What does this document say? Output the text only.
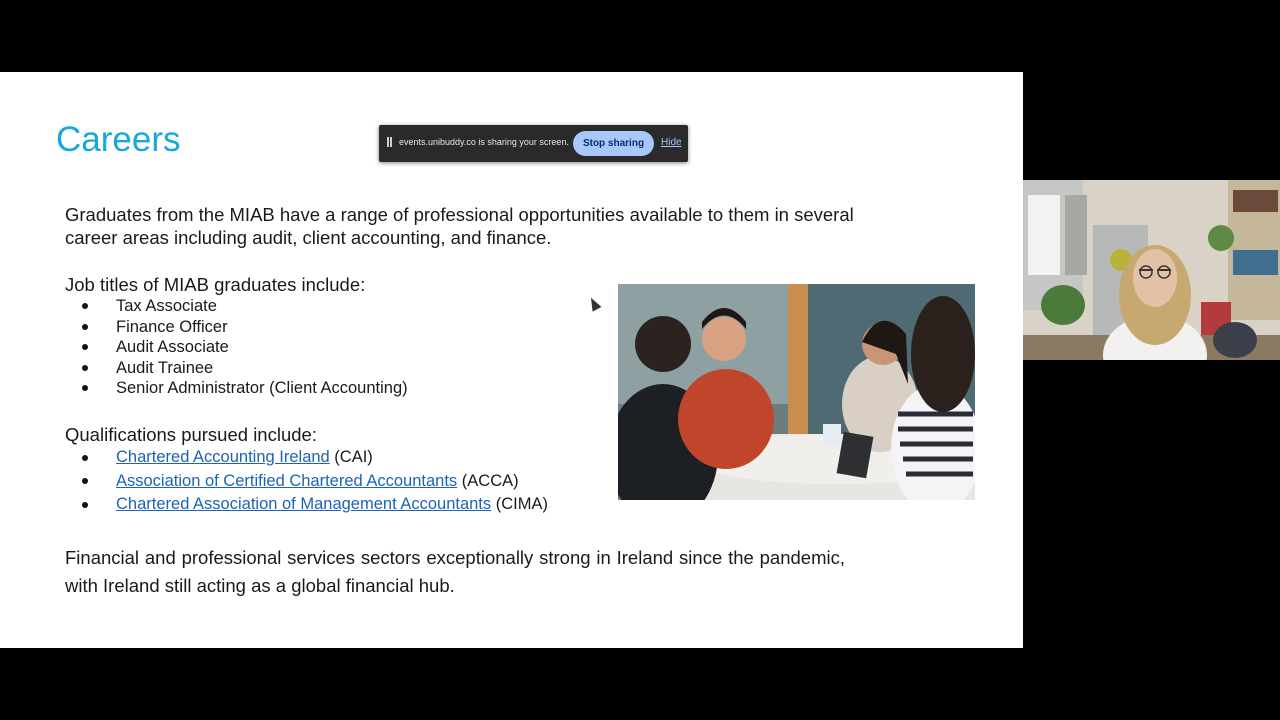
Careers	events.unibuddy.co is sharing your screen.	Stop sharing	Hide
Graduates from the MIAB have a range of professional opportunities available to them in several career areas including audit, client accounting, and finance.
Job titles of MIAB graduates include:
Tax Associate
Finance Officer
Audit Associate
Audit Trainee
Senior Administrator (Client Accounting)
Qualifications pursued include:
Chartered Accounting Ireland (CAI)
Association of Certified Chartered Accountants (ACCA)
Chartered Association of Management Accountants (CIMA)
Financial and professional services sectors exceptionally strong in Ireland since the pandemic, with Ireland still acting as a global financial hub.
